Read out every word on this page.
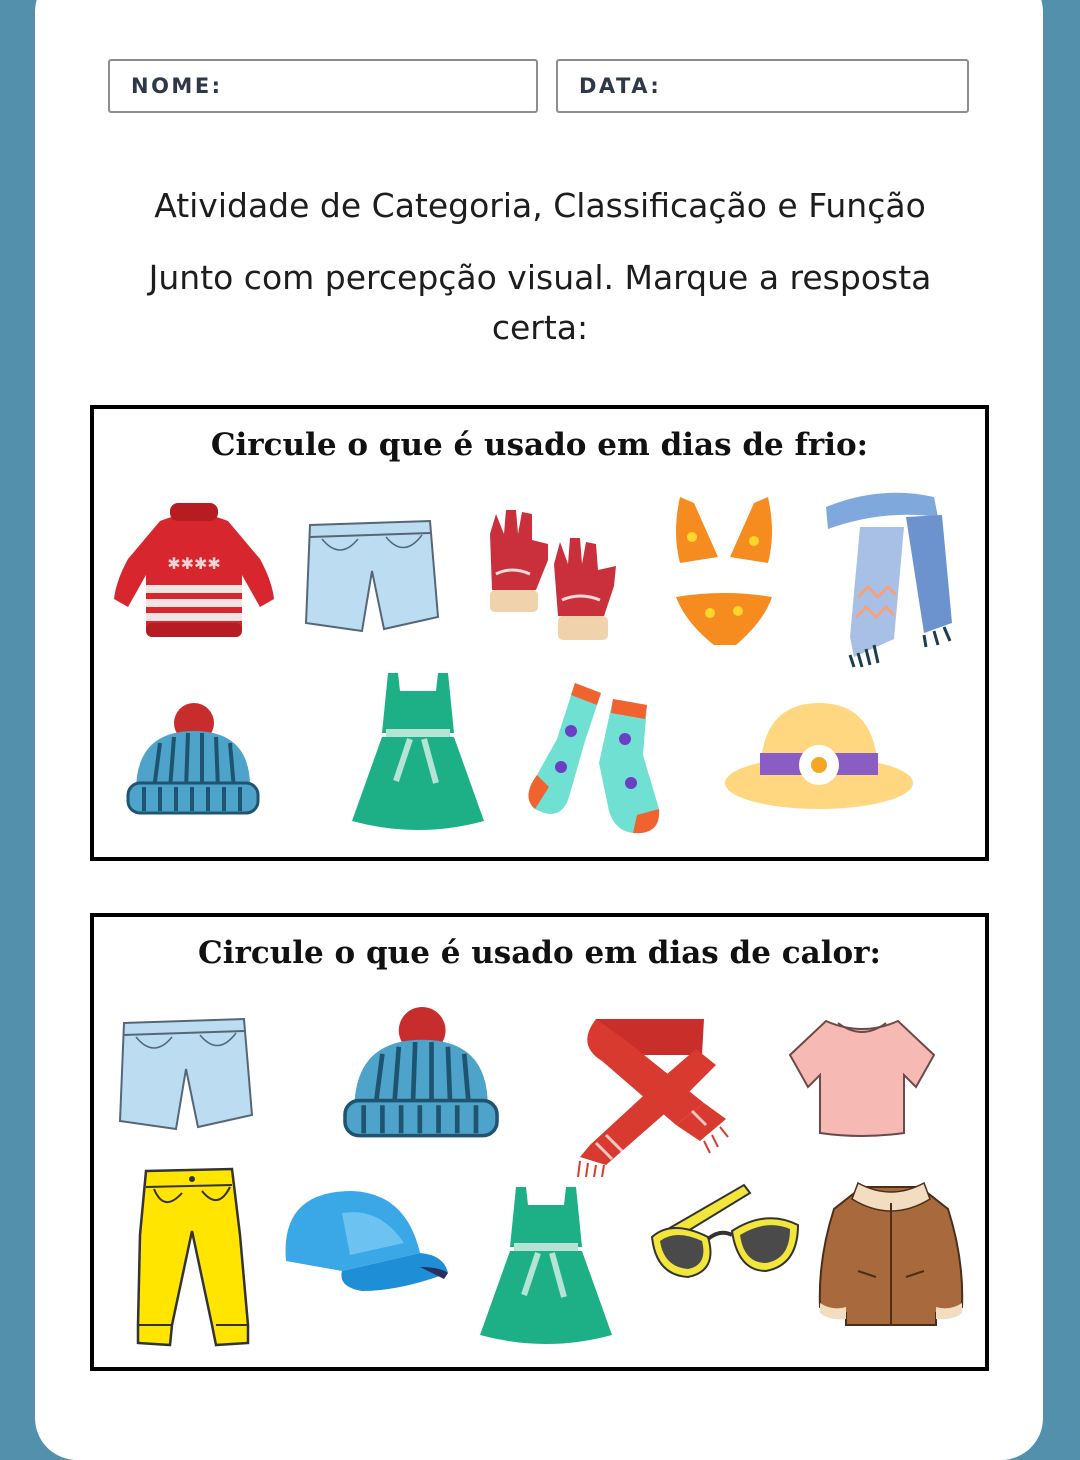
NOME:	DATA:
Atividade de Categoria, Classificação e Função
Junto com percepção visual. Marque a resposta certa:
Circule o que é usado em dias de frio:
✱✱✱✱
Circule o que é usado em dias de calor:
